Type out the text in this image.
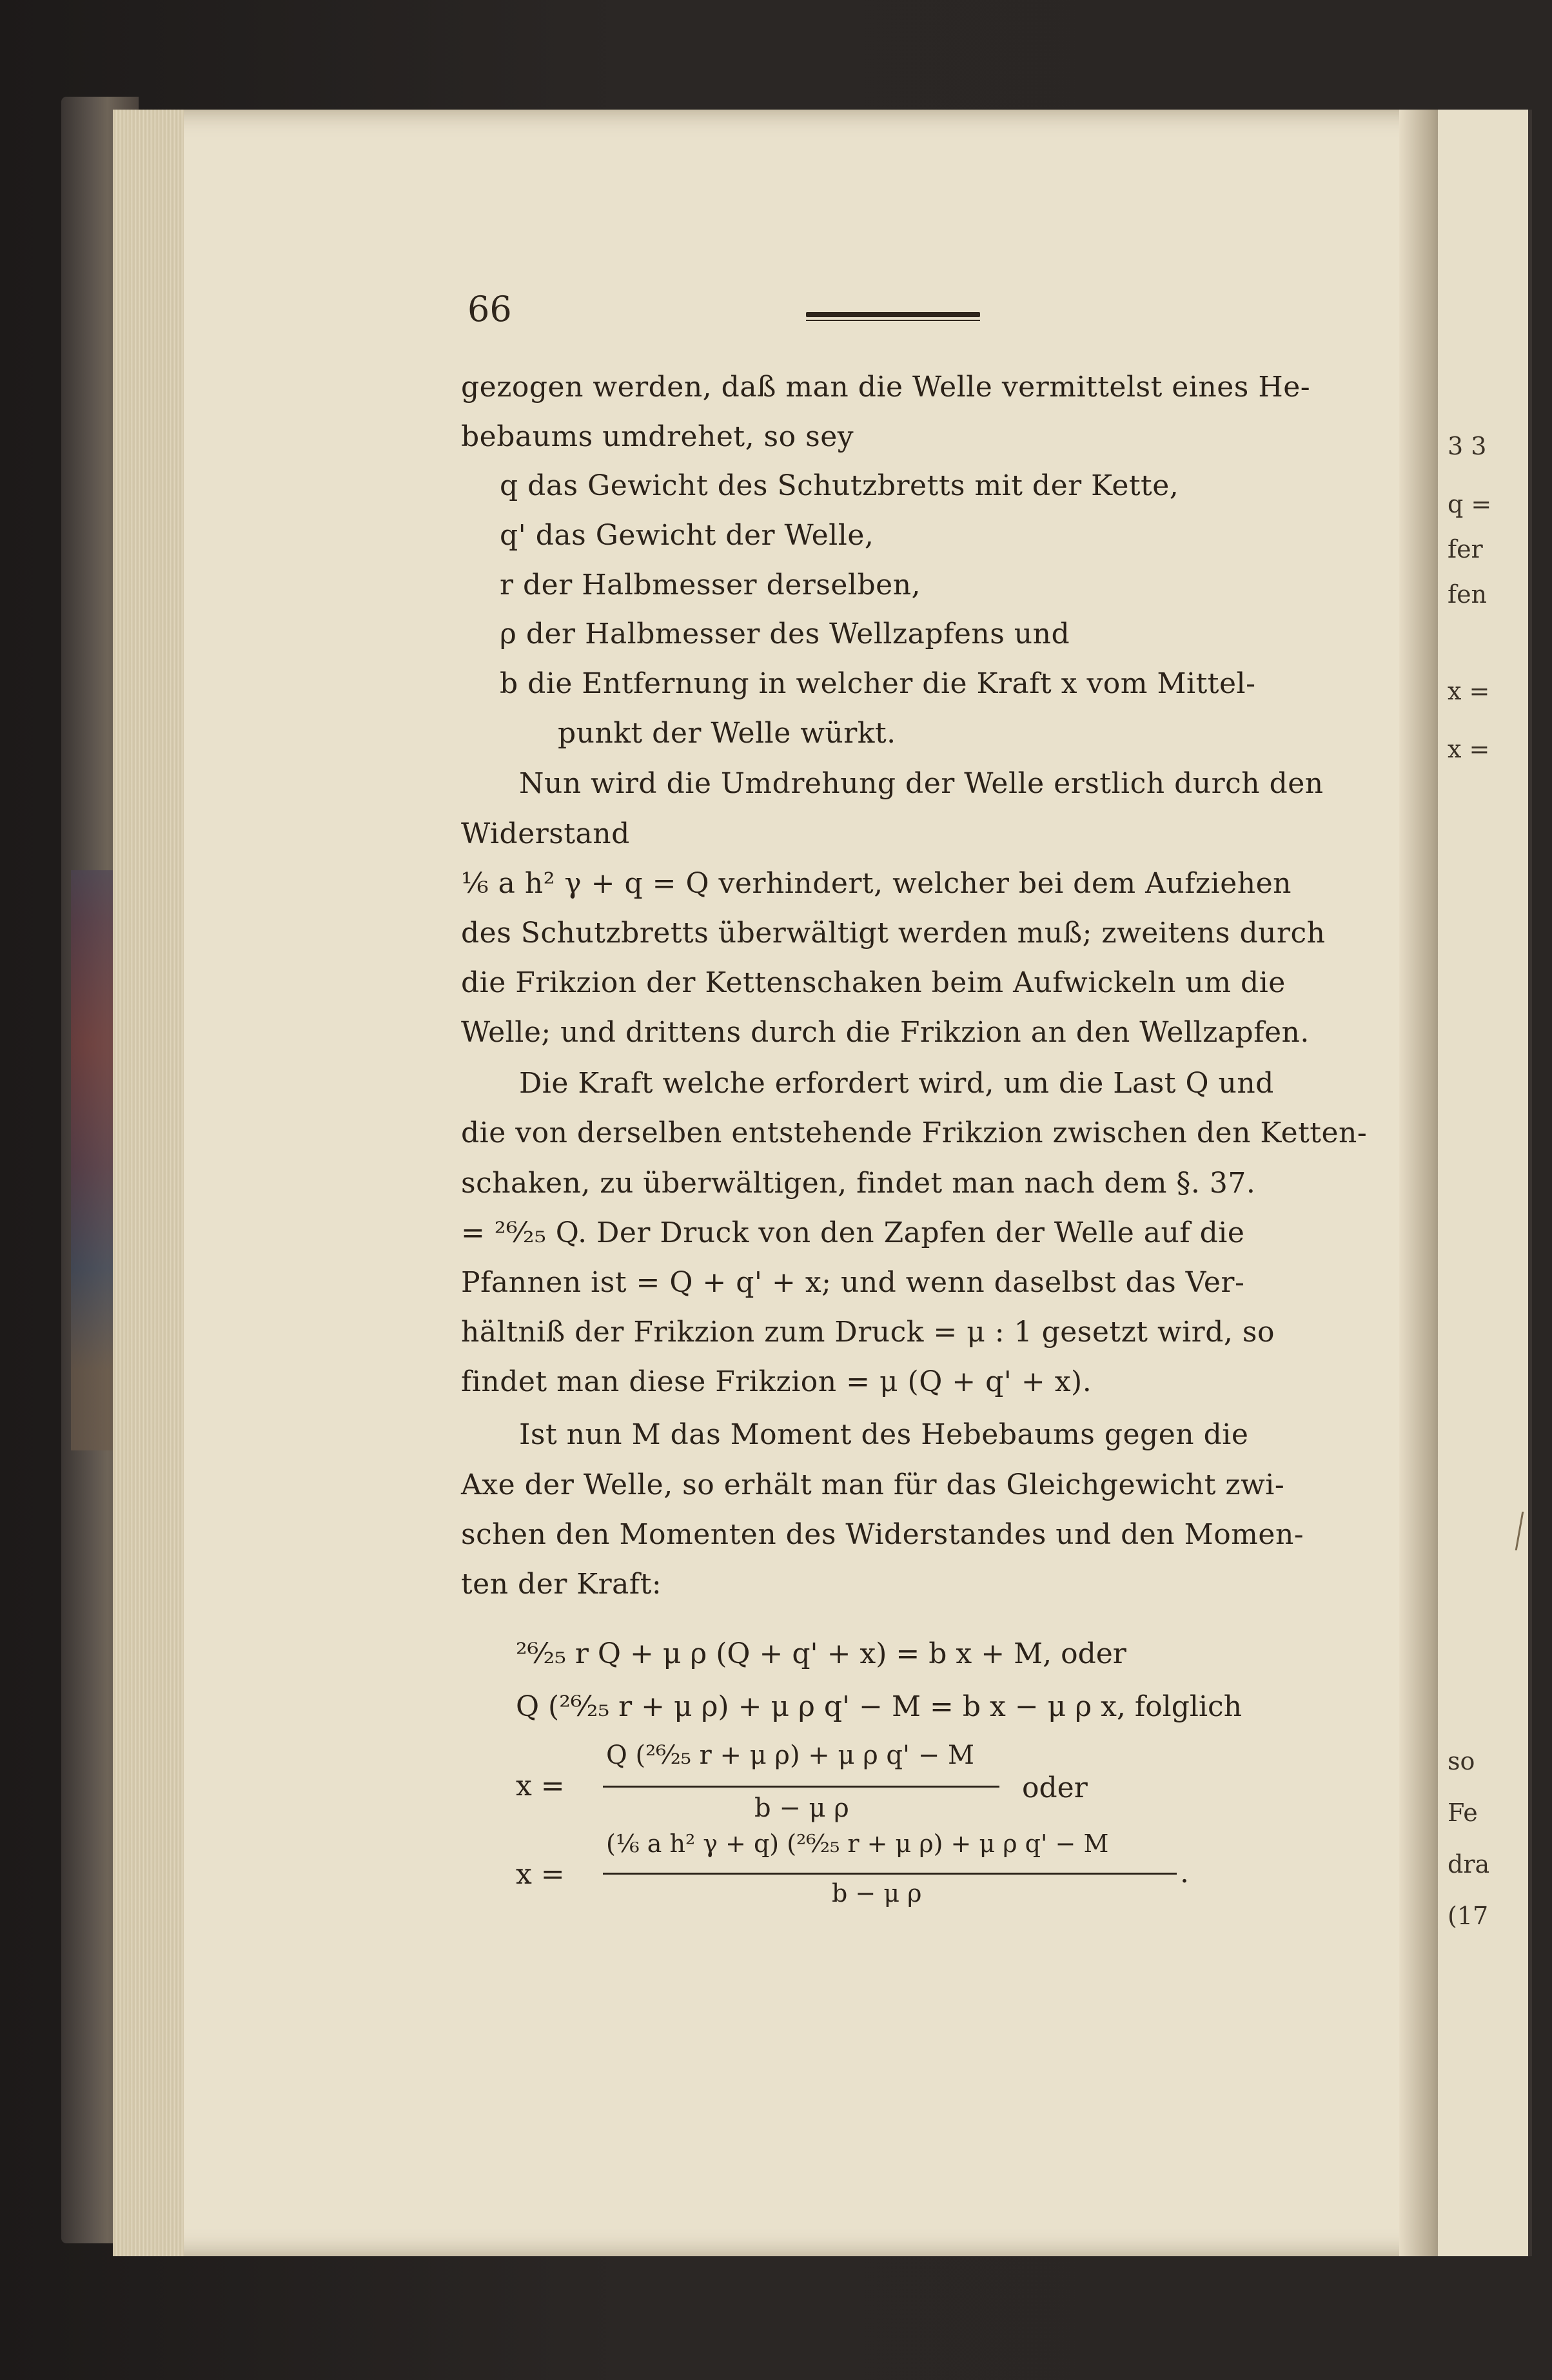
3 3
q =
fer
fen
x =
x =
so
Fe
dra
(17
66
gezogen werden, daß man die Welle vermittelst eines He-
bebaums umdrehet, so sey
q das Gewicht des Schutzbretts mit der Kette,
q' das Gewicht der Welle,
r der Halbmesser derselben,
ρ der Halbmesser des Wellzapfens und
b die Entfernung in welcher die Kraft x vom Mittel-
punkt der Welle würkt.
Nun wird die Umdrehung der Welle erstlich durch den
Widerstand
⅙ a h² γ + q = Q verhindert, welcher bei dem Aufziehen
des Schutzbretts überwältigt werden muß; zweitens durch
die Frikzion der Kettenschaken beim Aufwickeln um die
Welle; und drittens durch die Frikzion an den Wellzapfen.
Die Kraft welche erfordert wird, um die Last Q und
die von derselben entstehende Frikzion zwischen den Ketten-
schaken, zu überwältigen, findet man nach dem §. 37.
= ²⁶⁄₂₅ Q. Der Druck von den Zapfen der Welle auf die
Pfannen ist = Q + q' + x; und wenn daselbst das Ver-
hältniß der Frikzion zum Druck = μ : 1 gesetzt wird, so
findet man diese Frikzion = μ (Q + q' + x).
Ist nun M das Moment des Hebebaums gegen die
Axe der Welle, so erhält man für das Gleichgewicht zwi-
schen den Momenten des Widerstandes und den Momen-
ten der Kraft:
²⁶⁄₂₅ r Q + μ ρ (Q + q' + x) = b x + M, oder
Q (²⁶⁄₂₅ r + μ ρ) + μ ρ q' − M = b x − μ ρ x, folglich
x =
Q (²⁶⁄₂₅ r + μ ρ) + μ ρ q' − M
b − μ ρ
oder
x =
(⅙ a h² γ + q) (²⁶⁄₂₅ r + μ ρ) + μ ρ q' − M
b − μ ρ
.
